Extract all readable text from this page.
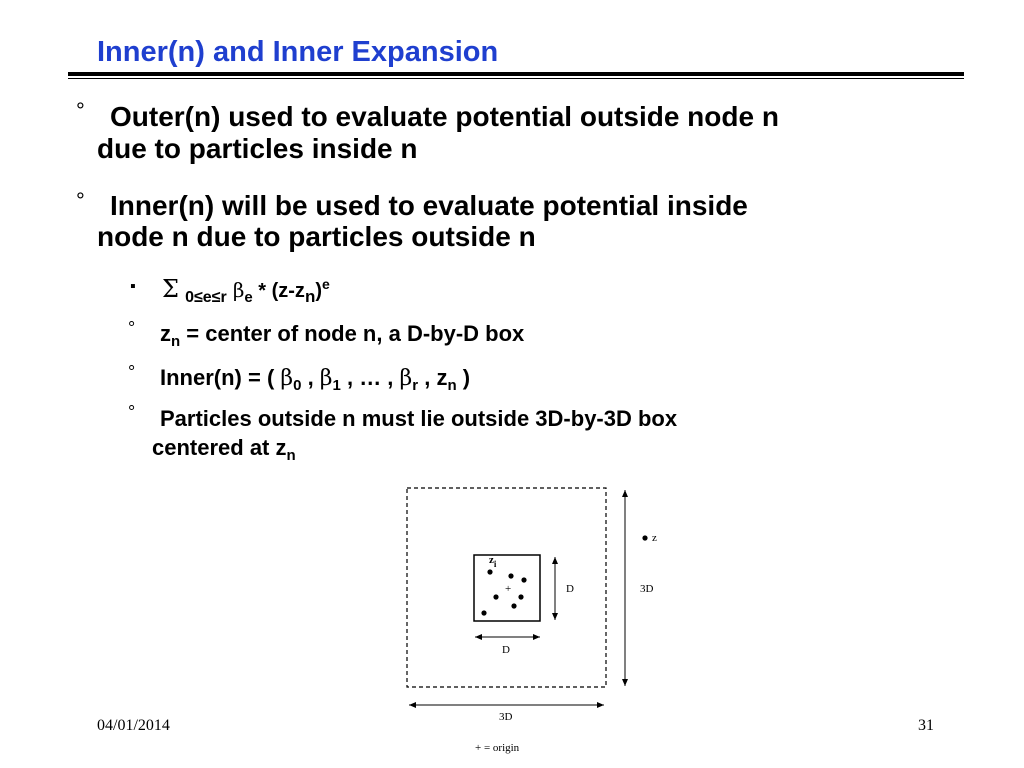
Inner(n) and Inner Expansion
° Outer(n) used to evaluate potential outside node n
due to particles inside n
° Inner(n) will be used to evaluate potential inside
node n due to particles outside n
▪ Σ $_{0\le e\le r}$ $\beta_e * (z-z_n)^e$
° $z_n$ = center of node n, a D-by-D box
° Inner(n) = ( $\beta_0$ , $\beta_1$ , … , $\beta_r$ , $z_n$ )
° Particles outside n must lie outside 3D-by-3D box
centered at $z_n$
+
$z_i$
z
D
D
3D
3D
+ = origin
04/01/2014	31
